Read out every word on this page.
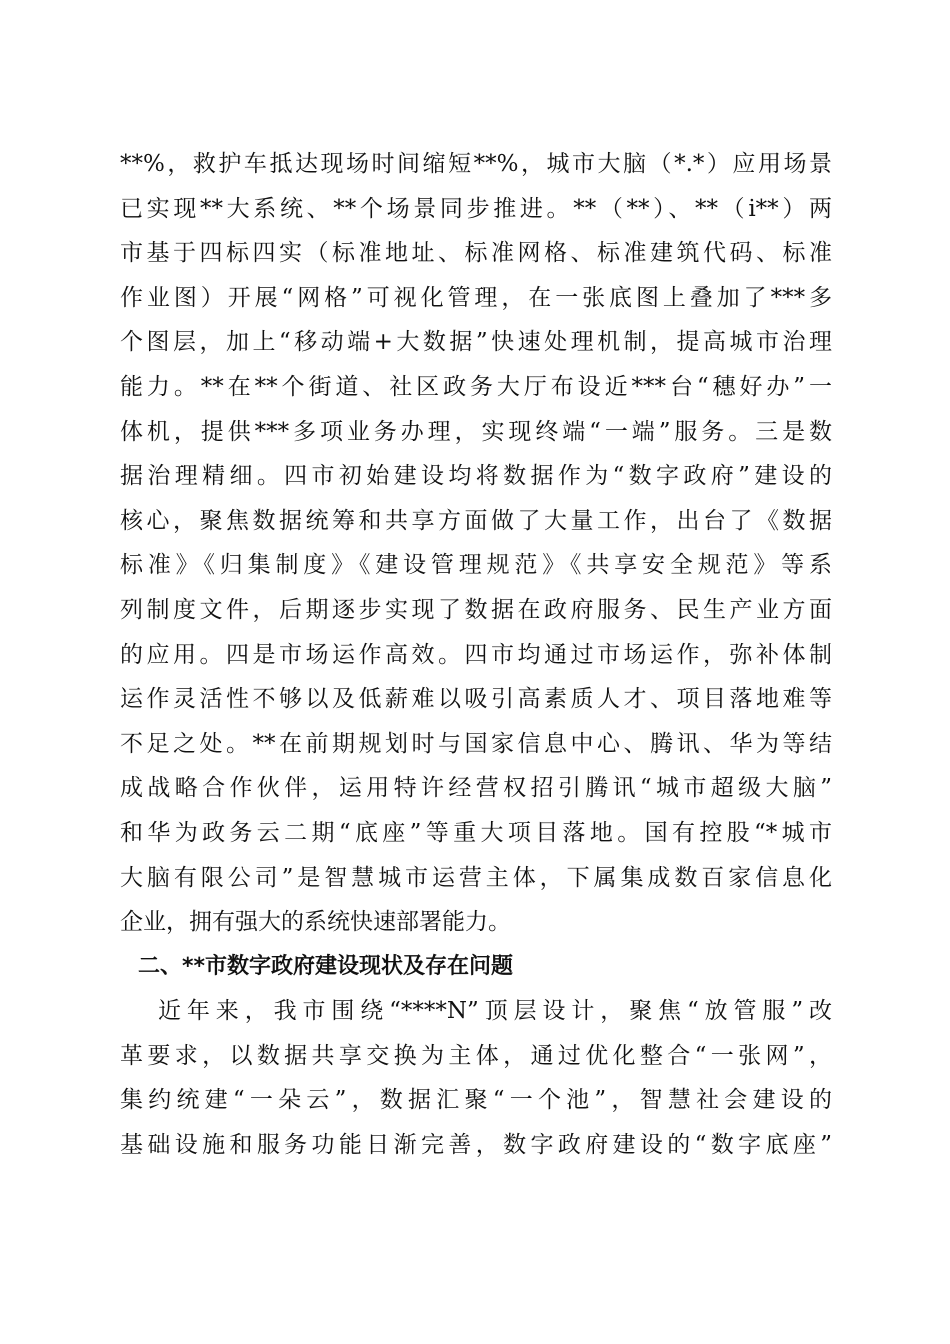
**%，救护车抵达现场时间缩短**%，城市大脑（*.*）应用场景
已实现**大系统、**个场景同步推进。**（**）、**（i**）两
市基于四标四实（标准地址、标准网格、标准建筑代码、标准
作业图）开展“网格”可视化管理，在一张底图上叠加了***多
个图层，加上“移动端+大数据”快速处理机制，提高城市治理
能力。**在**个街道、社区政务大厅布设近***台“穗好办”一
体机，提供***多项业务办理，实现终端“一端”服务。三是数
据治理精细。四市初始建设均将数据作为“数字政府”建设的
核心，聚焦数据统筹和共享方面做了大量工作，出台了《数据
标准》《归集制度》《建设管理规范》《共享安全规范》等系
列制度文件，后期逐步实现了数据在政府服务、民生产业方面
的应用。四是市场运作高效。四市均通过市场运作，弥补体制
运作灵活性不够以及低薪难以吸引高素质人才、项目落地难等
不足之处。**在前期规划时与国家信息中心、腾讯、华为等结
成战略合作伙伴，运用特许经营权招引腾讯“城市超级大脑”
和华为政务云二期“底座”等重大项目落地。国有控股“*城市
大脑有限公司”是智慧城市运营主体，下属集成数百家信息化
企业，拥有强大的系统快速部署能力。
二、**市数字政府建设现状及存在问题
近年来，我市围绕“****N”顶层设计，聚焦“放管服”改
革要求，以数据共享交换为主体，通过优化整合“一张网”，
集约统建“一朵云”，数据汇聚“一个池”，智慧社会建设的
基础设施和服务功能日渐完善，数字政府建设的“数字底座”
